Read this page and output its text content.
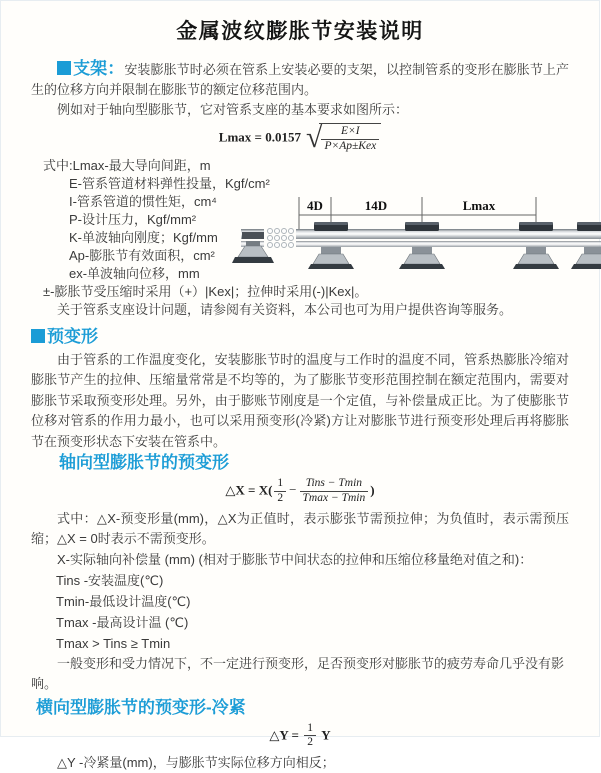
金属波纹膨胀节安装说明

支架：安装膨胀节时必须在管系上安装必要的支架，以控制管系的变形在膨胀节上产生的位移方向并限制在膨胀节的额定位移范围内。

例如对于轴向型膨胀节，它对管系支座的基本要求如图所示：

Lmax = 0.0157 √ $\frac{E\times I}{\text{P×Ap±Kex}}$
式中:Lmax-最大导向间距，m
E-管系管道材料弹性投量，Kgf/cm²
I-管系管道的惯性矩，cm⁴
P-设计压力，Kgf/mm²
K-单波轴向刚度；Kgf/mm
Ap-膨胀节有效面积，cm²
ex-单波轴向位移，mm
±-膨胀节受压缩时采用（+）|Kex|；拉伸时采用(-)|Kex|。
关于管系支座设计问题，请参阅有关资料，本公司也可为用户提供咨询等服务。
预变形

由于管系的工作温度变化，安装膨胀节时的温度与工作时的温度不同，管系热膨胀冷缩对膨胀节产生的拉伸、压缩量常常是不均等的，为了膨胀节变形范围控制在额定范围内，需要对膨胀节采取预变形处理。另外，由于膨账节刚度是一个定值，与补偿量成正比。为了使膨胀节位移对管系的作用力最小，也可以采用预变形(冷紧)方让对膨胀节进行预变形处理后再将膨胀节在预变形状态下安装在管系中。

轴向型膨胀节的预变形
△X = $X( \frac{1}{2} - \frac{\text{Tins − Tmin}}{Tmax - Tmin}$ )

式中：△X-预变形量(mm)，△X为正值时，表示膨张节需预拉伸；为负值时，表示需预压缩；△X = 0时表示不需预变形。

X-实际轴向补偿量 (mm) (相对于膨胀节中间状态的拉伸和压缩位移量绝对值之和)：
Tins -安装温度(℃)
Tmin-最低设计温度(℃)
Tmax -最高设计温 (℃)
Tmax > Tins ≥ Tmin

一般变形和受力情况下，不一定进行预变形，足否预变形对膨胀节的疲劳寿命几乎没有影响。

横向型膨胀节的预变形-冷紧
△Y = $\frac{1}{2}$ Y
△Y -冷紧量(mm)，与膨胀节实际位移方向相反；
4D	14D	Lmax
